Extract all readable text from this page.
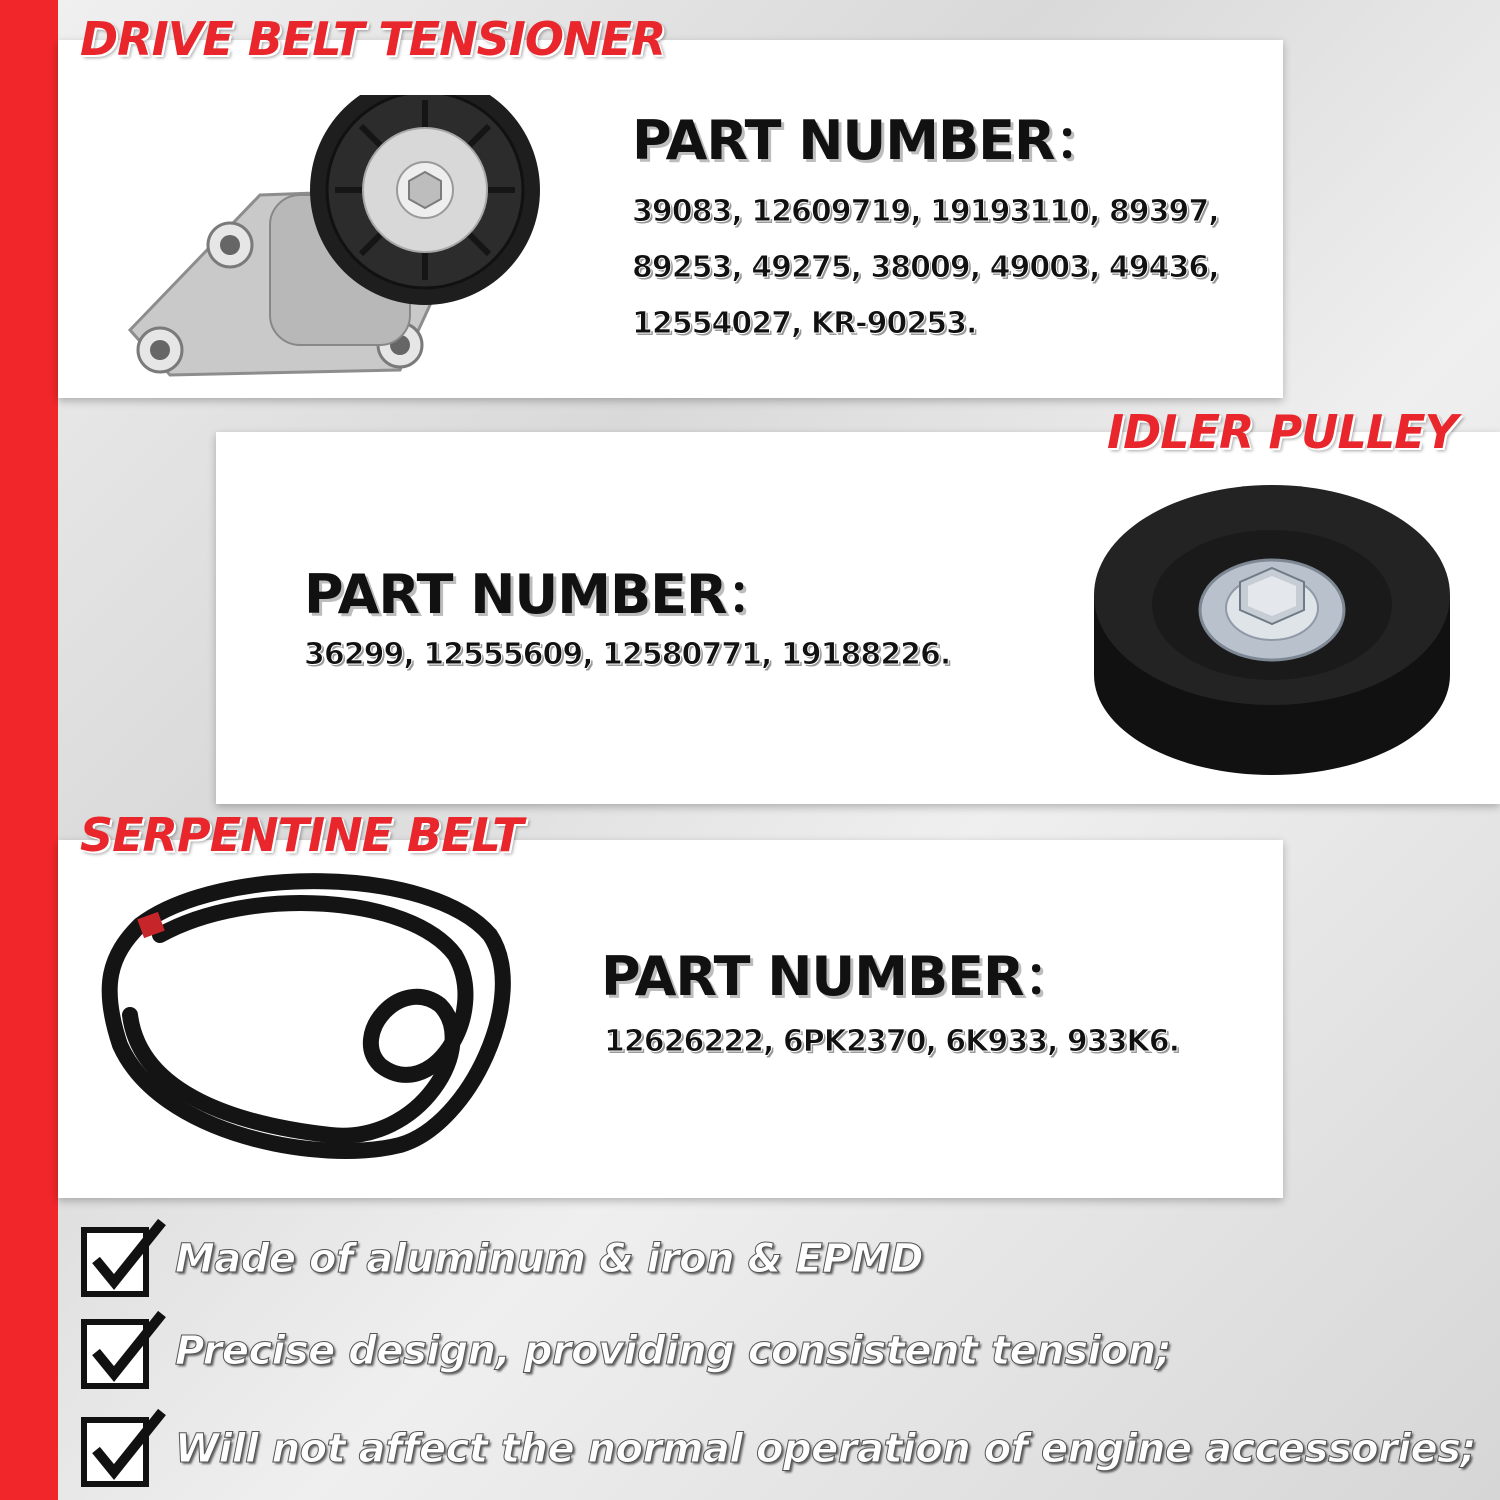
DRIVE BELT TENSIONER
PART NUMBER：
39083, 12609719, 19193110, 89397,
89253, 49275, 38009, 49003, 49436,
12554027, KR-90253.
IDLER PULLEY
PART NUMBER：
36299, 12555609, 12580771, 19188226.
SERPENTINE BELT
PART NUMBER：
12626222, 6PK2370, 6K933, 933K6.
Made of aluminum & iron & EPMD
Precise design, providing consistent tension;
Will not affect the normal operation of engine accessories;
